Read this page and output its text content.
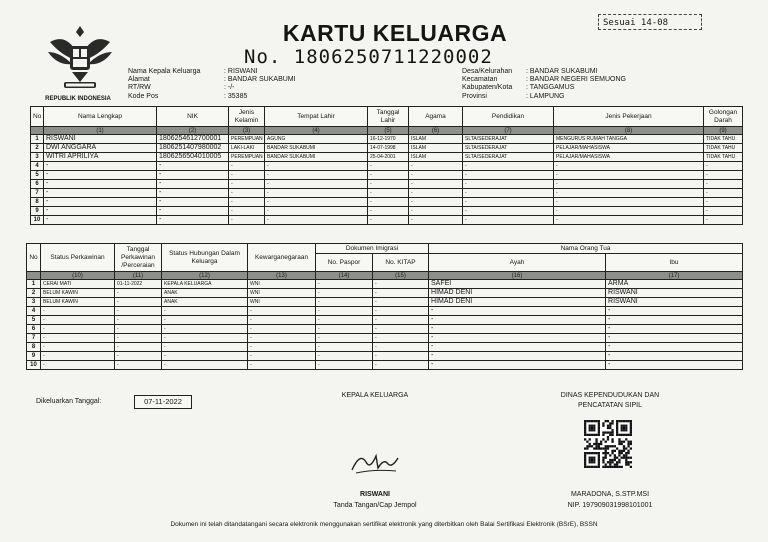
REPUBLIK INDONESIA
KARTU KELUARGA
No. 1806250711220002
Sesuai 14-08
Nama Kepala Keluarga	: RISWANI
Alamat	: BANDAR SUKABUMI
RT/RW	: -/-
Kode Pos	: 35385
Desa/Kelurahan	: BANDAR SUKABUMI
Kecamatan	: BANDAR NEGERI SEMUONG
Kabupaten/Kota	: TANGGAMUS
Provinsi	: LAMPUNG
No	Nama Lengkap	NIK	Jenis Kelamin	Tempat Lahir	Tanggal Lahir	Agama	Pendidikan	Jenis Pekerjaan	Golongan Darah
	(1)	(2)	(3)	(4)	(5)	(6)	(7)	(8)	(9)
1	RISWANI	1806254612700001	PEREMPUAN	AGUNG	16-12-1970	ISLAM	SLTA/SEDERAJAT	MENGURUS RUMAH TANGGA	TIDAK TAHU
2	DWI ANGGARA	1806251407980002	LAKI-LAKI	BANDAR SUKABUMI	14-07-1998	ISLAM	SLTA/SEDERAJAT	PELAJAR/MAHASISWA	TIDAK TAHU
3	WITRI APRILIYA	1806256504010005	PEREMPUAN	BANDAR SUKABUMI	25-04-2001	ISLAM	SLTA/SEDERAJAT	PELAJAR/MAHASISWA	TIDAK TAHU
4	-	-	-	-	-	-	-	-	-
5	-	-	-	-	-	-	-	-	-
6	-	-	-	-	-	-	-	-	-
7	-	-	-	-	-	-	-	-	-
8	-	-	-	-	-	-	-	-	-
9	-	-	-	-	-	-	-	-	-
10	-	-	-	-	-	-	-	-	-
No	Status Perkawinan	Tanggal Perkawinan /Perceraian	Status Hubungan Dalam Keluarga	Kewarganegaraan	Dokumen Imigrasi		Nama Orang Tua	
					No. Paspor	No. KITAP	Ayah	Ibu
	(10)	(11)	(12)	(13)	(14)	(15)	(16)	(17)
1	CERAI MATI	01-11-2022	KEPALA KELUARGA	WNI	-	-	SAFEI	ARMA
2	BELUM KAWIN	-	ANAK	WNI	-	-	HIMAD DENI	RISWANI
3	BELUM KAWIN	-	ANAK	WNI	-	-	HIMAD DENI	RISWANI
4	-	-	-	-	-	-	-	-
5	-	-	-	-	-	-	-	-
6	-	-	-	-	-	-	-	-
7	-	-	-	-	-	-	-	-
8	-	-	-	-	-	-	-	-
9	-	-	-	-	-	-	-	-
10	-	-	-	-	-	-	-	-
Dikeluarkan Tanggal:	07-11-2022
KEPALA KELUARGA
RISWANI
Tanda Tangan/Cap Jempol
DINAS KEPENDUDUKAN DAN
PENCATATAN SIPIL
MARADONA, S.STP.MSI
NIP. 197909031998101001
Dokumen ini telah ditandatangani secara elektronik menggunakan sertifikat elektronik yang diterbitkan oleh Balai Sertifikasi Elektronik (BSrE), BSSN
